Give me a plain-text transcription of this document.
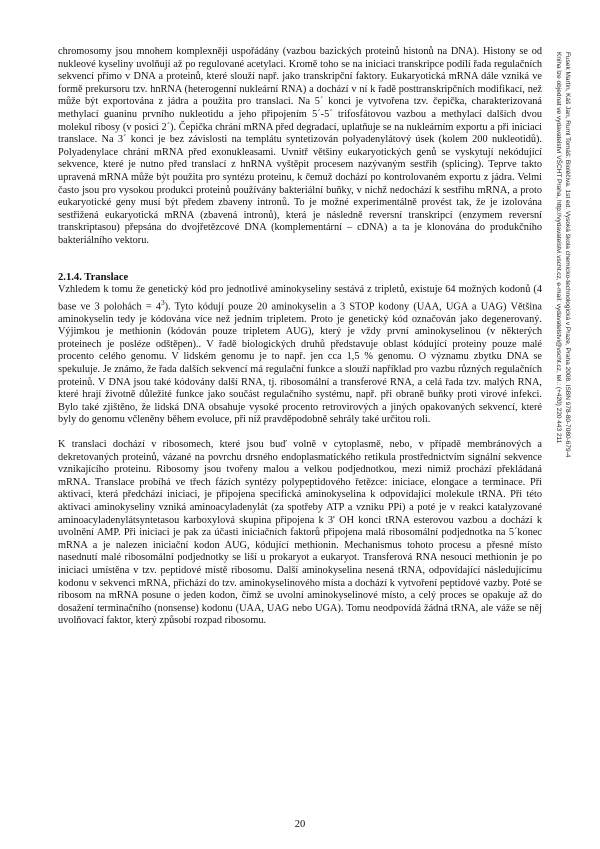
chromosomy jsou mnohem komplexněji uspořádány (vazbou bazických proteinů histonů na DNA). Histony se od nukleové kyseliny uvolňují až po regulované acetylaci. Kromě toho se na iniciaci transkripce podílí řada regulačních sekvencí přímo v DNA a proteinů, které slouží např. jako transkripční faktory. Eukaryotická mRNA dále vzniká ve formě prekursoru tzv. hnRNA (heterogenní nukleární RNA) a dochází v ní k řadě posttranskripčních modifikací, než může být exportována z jádra a použita pro translaci. Na 5´ konci je vytvořena tzv. čepička, charakterizovaná methylací guaninu prvního nukleotidu a jeho připojením 5´-5´ trifosfátovou vazbou a methylací dalších dvou molekul ribosy (v posici 2´). Čepička chrání mRNA před degradací, uplatňuje se na nukleárním exportu a při iniciaci translace. Na 3´ konci je bez závislosti na templátu syntetizován polyadenylátový úsek (kolem 200 nukleotidů). Polyadenylace chrání mRNA před exonukleasami. Uvnitř většiny eukaryotických genů se vyskytují nekódující sekvence, které je nutno před translací z hnRNA vyštěpit procesem nazývaným sestřih (splicing). Teprve takto upravená mRNA může být použita pro syntézu proteinu, k čemuž dochází po kontrolovaném exportu z jádra. Velmi často jsou pro vysokou produkci proteinů používány bakteriální buňky, v nichž nedochází k sestřihu mRNA, a proto eukaryotické geny musí být předem zbaveny intronů. To je možné experimentálně provést tak, že je izolována sestřižená eukaryotická mRNA (zbavená intronů), která je následně reversní transkripcí (enzymem reversní transkriptasou) přepsána do dvojřetězcové DNA (komplementární – cDNA) a ta je klonována do produkčního bakteriálního vektoru.

2.1.4. Translace

Vzhledem k tomu že genetický kód pro jednotlivé aminokyseliny sestává z tripletů, existuje 64 možných kodonů (4 base ve 3 polohách = $4^3$). Tyto kódují pouze 20 aminokyselin a 3 STOP kodony (UAA, UGA a UAG) Většina aminokyselin tedy je kódována více než jedním tripletem. Proto je genetický kód označován jako degenerovaný. Výjimkou je methionin (kódován pouze tripletem AUG), který je vždy první aminokyselinou (v některých proteinech je posléze odštěpen).. V řadě biologických druhů představuje oblast kódující proteiny pouze malé procento celého genomu. V lidském genomu je to např. jen cca 1,5 % genomu. O významu zbytku DNA se spekuluje. Je známo, že řada dalších sekvencí má regulační funkce a slouží například pro vazbu různých regulačních proteinů. V DNA jsou také kódovány další RNA, tj. ribosomální a transferové RNA, a celá řada tzv. malých RNA, které hrají životně důležité funkce jako součást regulačního systému, např. při obraně buňky proti virové infekci. Bylo také zjištěno, že lidská DNA obsahuje vysoké procento retrovirových a jiných opakovaných sekvencí, které byly do genomu včleněny během evoluce, při níž pravděpodobně sehrály také určitou roli.

K translaci dochází v ribosomech, které jsou buď volně v cytoplasmě, nebo, v případě membránových a dekretovaných proteinů, vázané na povrchu drsného endoplasmatického retikula prostřednictvím signální sekvence vznikajícího proteinu. Ribosomy jsou tvořeny malou a velkou podjednotkou, mezi nimiž prochází překládaná mRNA. Translace probíhá ve třech fázích syntézy polypeptidového řetězce: iniciace, elongace a terminace. Při aktivaci, která předchází iniciaci, je připojena specifická aminokyselina k odpovídající molekule tRNA. Při této aktivaci aminokyseliny vzniká aminoacyladenylát (za spotřeby ATP a vzniku PPi) a poté je v reakci katalyzované aminoacyladenylátsyntetasou karboxylová skupina připojena k 3' OH konci tRNA esterovou vazbou a dochází k uvolnění AMP. Při iniciaci je pak za účasti iniciačních faktorů připojena malá ribosomální podjednotka na 5´konec mRNA a je nalezen iniciační kodon AUG, kódující methionin. Mechanismus tohoto procesu a přesné místo nasednutí malé ribosomální podjednotky se liší u prokaryot a eukaryot. Transferová RNA nesoucí methionin je po iniciaci umístěna v tzv. peptidové místě ribosomu. Další aminokyselina nesená tRNA, odpovídající následujícímu kodonu v sekvenci mRNA, přichází do tzv. aminokyselinového místa a dochází k vytvoření peptidové vazby. Poté se ribosom na mRNA posune o jeden kodon, čímž se uvolní aminokyselinové místo, a celý proces se opakuje až do dosažení terminačního (nonsense) kodonu (UAA, UAG nebo UGA). Tomu neodpovídá žádná tRNA, ale váže se něj uvolňovací faktor, který způsobí rozpad ribosomu.

20
Fusek Martin, Káš Jan, Ruml Tomáš: Bioléčiva. 1st ed. Vysoká škola chemicko-technologická v Praze, Praha 2008. ISBN 978-80-7080-679-4
Kniha lze objednat ve vydavatelství VŠCHT Praha, http://vydavatelstvi.vscht.cz, e-mail: vydavatelstvi@vscht.cz, tel.: (+420) 220 443 211
